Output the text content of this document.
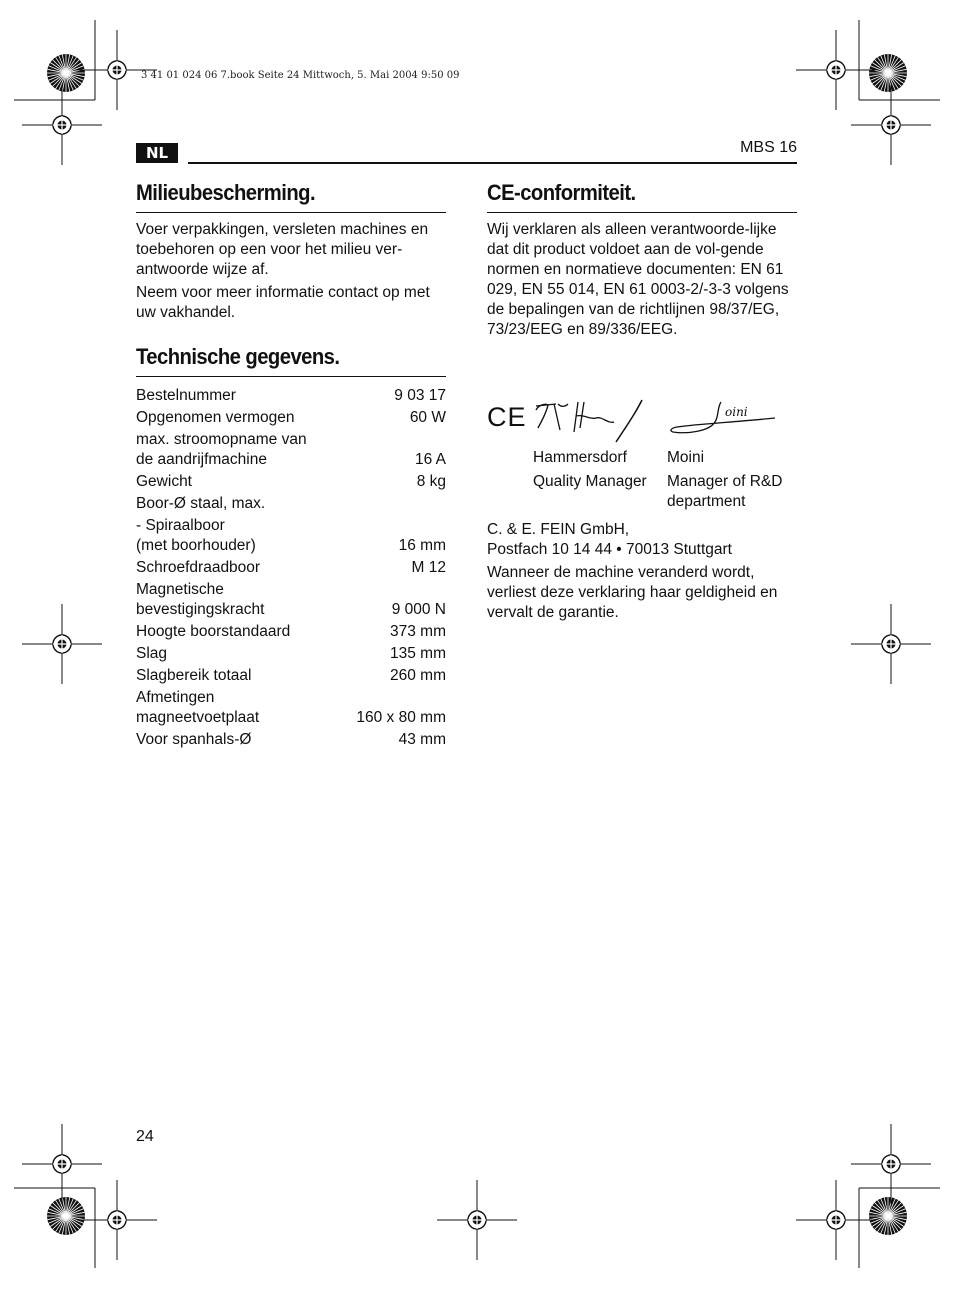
3 41 01 024 06 7.book Seite 24 Mittwoch, 5. Mai 2004 9:50 09
NL	MBS 16
Milieubescherming.

Voer verpakkingen, versleten machines en toebehoren op een voor het milieu ver-antwoorde wijze af.

Neem voor meer informatie contact op met uw vakhandel.

Technische gegevens.
Bestelnummer	9 03 17
Opgenomen vermogen	60 W
max. stroomopname van
de aandrijfmachine	16 A
Gewicht	8 kg
Boor-Ø staal, max.	
- Spiraalboor
(met boorhouder)	16 mm
Schroefdraadboor	M 12
Magnetische
bevestigingskracht	9 000 N
Hoogte boorstandaard	373 mm
Slag	135 mm
Slagbereik totaal	260 mm
Afmetingen
magneetvoetplaat	160 x 80 mm
Voor spanhals-Ø	43 mm
CE-conformiteit.
Wij verklaren als alleen verantwoorde-lijke dat dit product voldoet aan de vol-gende normen en normatieve documenten: EN 61 029, EN 55 014, EN 61 0003-2/-3-3 volgens de bepalingen van de richtlijnen 98/37/EG, 73/23/EEG en 89/336/EEG.
CE	oini
Hammersdorf
Quality Manager
Moini
Manager of R&D department
C. & E. FEIN GmbH,
Postfach 10 14 44 • 70013 Stuttgart
Wanneer de machine veranderd wordt, verliest deze verklaring haar geldigheid en vervalt de garantie.
24
